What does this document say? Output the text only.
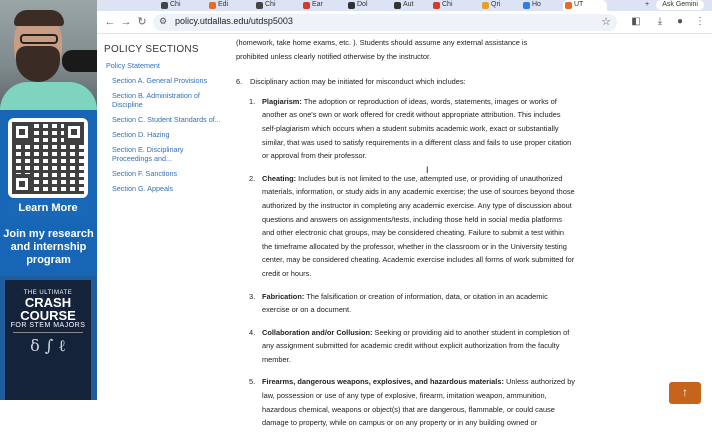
Learn More
Join my research and internship program
THE ULTIMATE
CRASH COURSE
FOR STEM MAJORS
δ ∫ ℓ
Chi	Edi	Chi	Ear	Dol	Aut	Chi	Qri	Ho	UT	+	Ask Gemini
← → ↻ ⚙ policy.utdallas.edu/utdsp5003	☆ ◧	⤓	●	⋮
POLICY SECTIONS
Policy Statement
Section A. General Provisions
Section B. Administration of Discipline
Section C. Student Standards of...
Section D. Hazing
Section E. Disciplinary Proceedings and...
Section F. Sanctions
Section G. Appeals

(homework, take home exams, etc. ). Students should assume any external assistance is

prohibited unless clearly notified otherwise by the instructor.

6. Disciplinary action may be initiated for misconduct which includes:
1. Plagiarism: The adoption or reproduction of ideas, words, statements, images or works of another as one's own or work offered for credit without appropriate attribution. This includes self-plagiarism which occurs when a student submits academic work, exact or substantially similar, that was used to satisfy requirements in a different class and fails to use proper citation or approval from their professor.
2. Cheating: Includes but is not limited to the use, attempted use, or providing of unauthorized materials, information, or study aids in any academic exercise; the use of sources beyond those authorized by the instructor in completing any academic exercise. Any type of discussion about questions and answers on assignments/tests, including those held in social media platforms and other electronic chat groups, may be considered cheating. Failure to submit a test within the timeframe allocated by the professor, whether in the classroom or in the University testing center, may be considered cheating. Academic exercise includes all forms of work submitted for credit or hours.
3. Fabrication: The falsification or creation of information, data, or citation in an academic exercise or on a document.
4. Collaboration and/or Collusion: Seeking or providing aid to another student in completion of any assignment submitted for academic credit without explicit authorization from the faculty member.
5. Firearms, dangerous weapons, explosives, and hazardous materials: Unless authorized by law, possession or use of any type of explosive, firearm, imitation weapon, ammunition, hazardous chemical, weapons or object(s) that are dangerous, flammable, or could cause damage to property, while on campus or on any property or in any building owned or
I
↑
